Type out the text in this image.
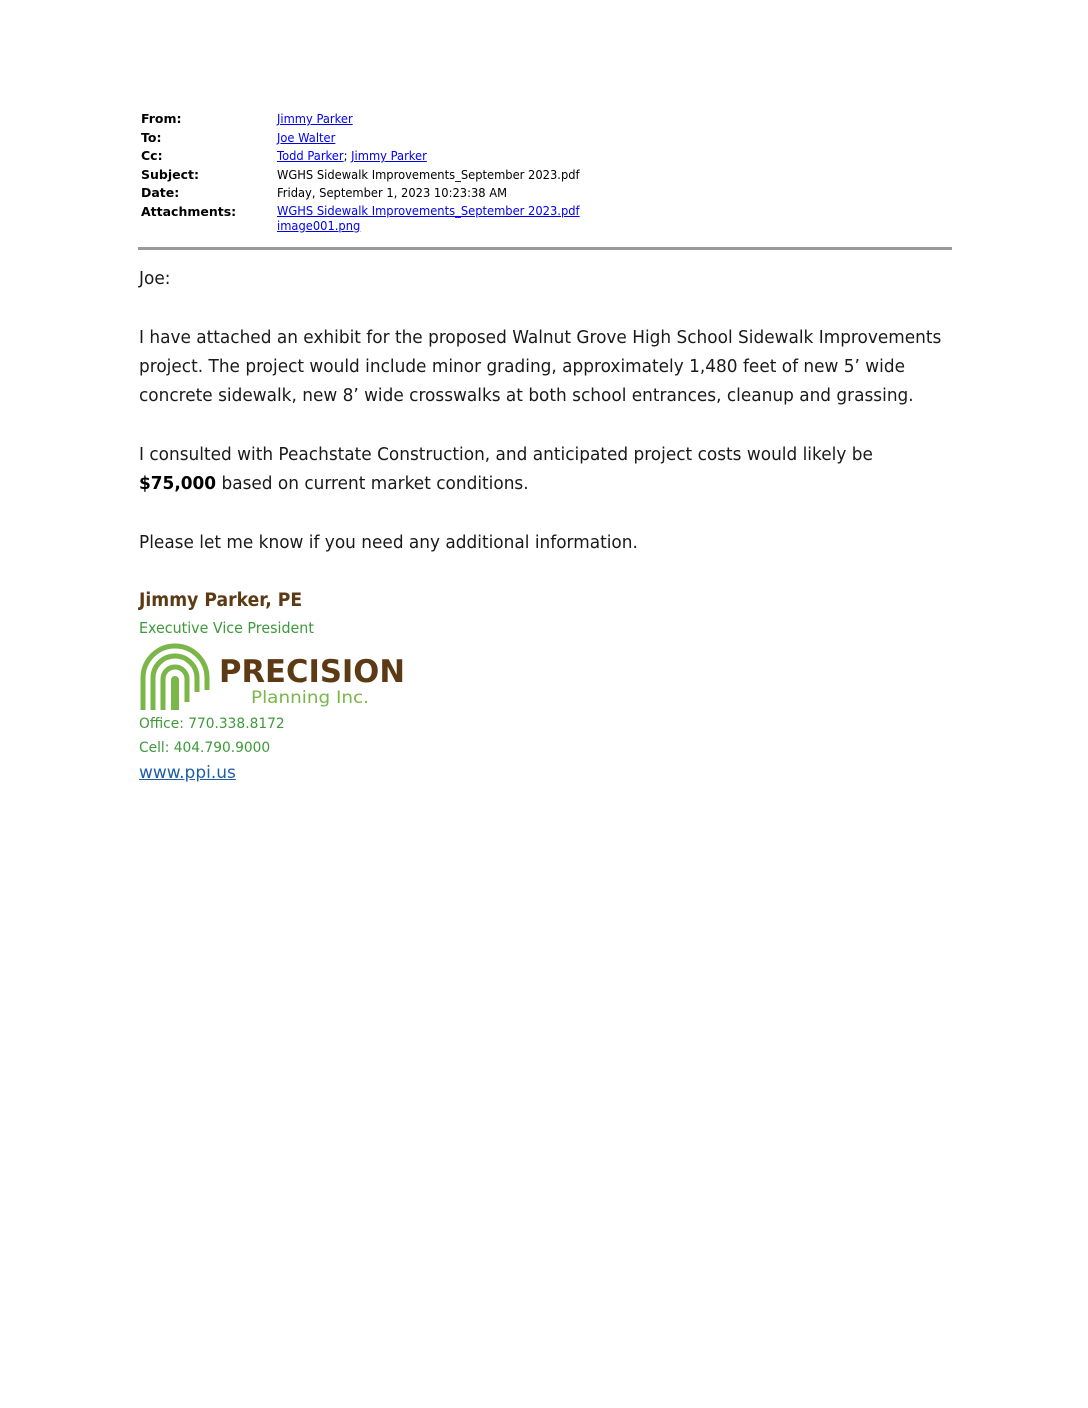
From:	Jimmy Parker
To:	Joe Walter
Cc:	Todd Parker; Jimmy Parker
Subject:	WGHS Sidewalk Improvements_September 2023.pdf
Date:	Friday, September 1, 2023 10:23:38 AM
Attachments:	WGHS Sidewalk Improvements_September 2023.pdf
image001.png

Joe:

I have attached an exhibit for the proposed Walnut Grove High School Sidewalk Improvements project. The project would include minor grading, approximately 1,480 feet of new 5’ wide concrete sidewalk, new 8’ wide crosswalks at both school entrances, cleanup and grassing.

I consulted with Peachstate Construction, and anticipated project costs would likely be
$75,000 based on current market conditions.

Please let me know if you need any additional information.

Jimmy Parker, PE
Executive Vice President
PRECISION
Planning Inc.
Office: 770.338.8172
Cell: 404.790.9000
www.ppi.us
